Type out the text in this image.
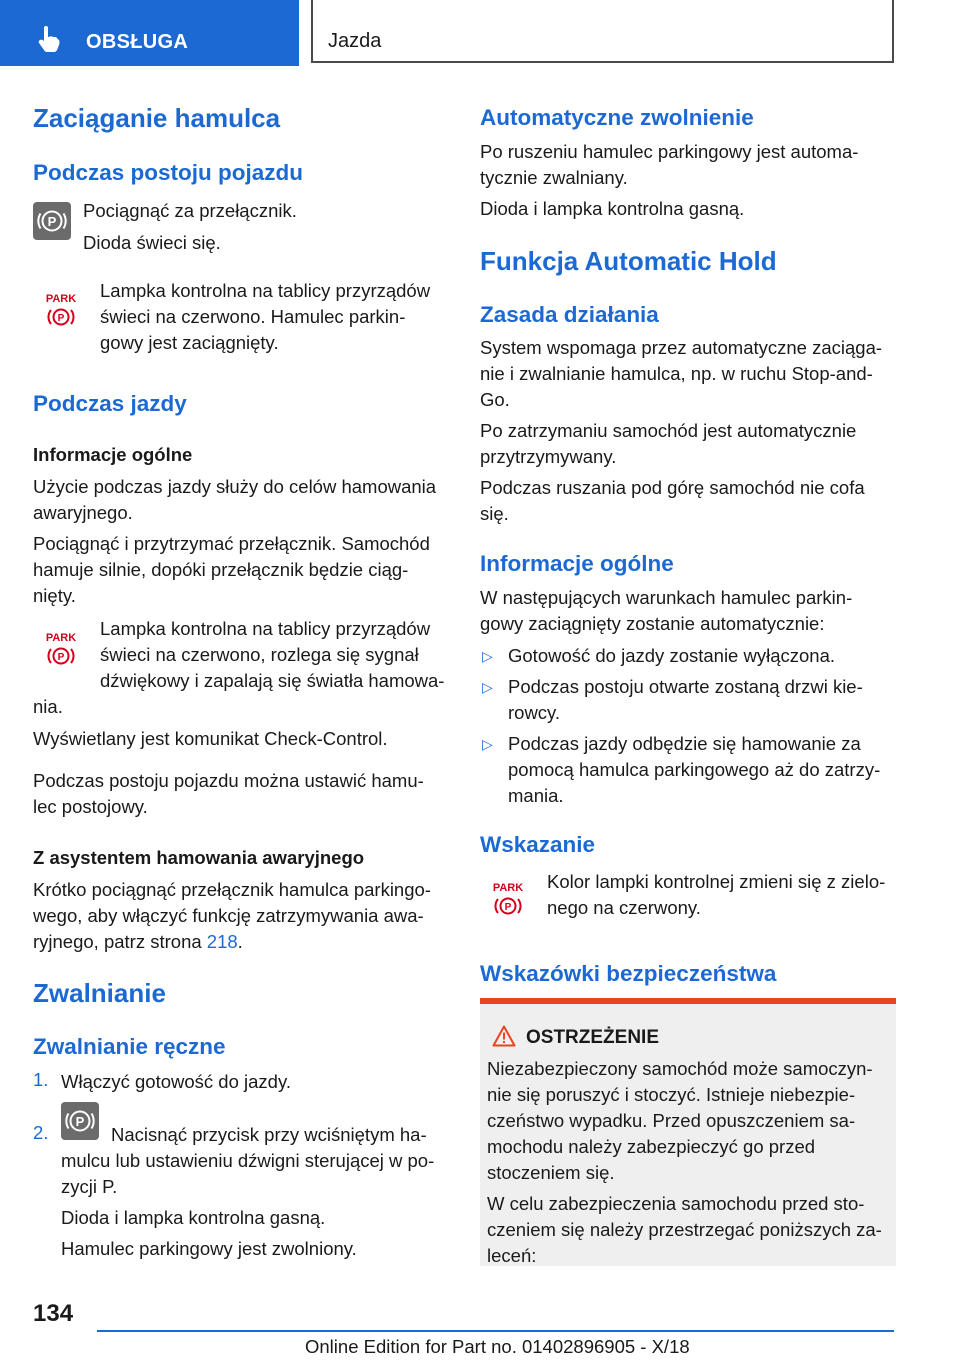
OBSŁUGA	Jazda
Zaciąganie hamulca
Podczas postoju pojazdu
P

Pociągnąć za przełącznik.

Dioda świeci się.

PARK
P

Lampka kontrolna na tablicy przyrządów

świeci na czerwono. Hamulec parkin-

gowy jest zaciągnięty.

Podczas jazdy
Informacje ogólne

Użycie podczas jazdy służy do celów hamowania

awaryjnego.

Pociągnąć i przytrzymać przełącznik. Samochód

hamuje silnie, dopóki przełącznik będzie ciąg-

nięty.

PARK
P

Lampka kontrolna na tablicy przyrządów

świeci na czerwono, rozlega się sygnał

dźwiękowy i zapalają się światła hamowa-

nia.

Wyświetlany jest komunikat Check-Control.

Podczas postoju pojazdu można ustawić hamu-

lec postojowy.

Z asystentem hamowania awaryjnego

Krótko pociągnąć przełącznik hamulca parkingo-

wego, aby włączyć funkcję zatrzymywania awa-

ryjnego, patrz strona 218.

Zwalnianie
Zwalnianie ręczne
1. Włączyć gotowość do jazdy.

2.
P

Nacisnąć przycisk przy wciśniętym ha-

mulcu lub ustawieniu dźwigni sterującej w po-

zycji P.

Dioda i lampka kontrolna gasną.

Hamulec parkingowy jest zwolniony.

Automatyczne zwolnienie

Po ruszeniu hamulec parkingowy jest automa-

tycznie zwalniany.

Dioda i lampka kontrolna gasną.

Funkcja Automatic Hold
Zasada działania

System wspomaga przez automatyczne zaciąga-

nie i zwalnianie hamulca, np. w ruchu Stop-and-

Go.

Po zatrzymaniu samochód jest automatycznie

przytrzymywany.

Podczas ruszania pod górę samochód nie cofa

się.

Informacje ogólne

W następujących warunkach hamulec parkin-

gowy zaciągnięty zostanie automatycznie:

▷ Gotowość do jazdy zostanie wyłączona.

▷ Podczas postoju otwarte zostaną drzwi kie-

rowcy.

▷ Podczas jazdy odbędzie się hamowanie za

pomocą hamulca parkingowego aż do zatrzy-

mania.

Wskazanie
PARK
P

Kolor lampki kontrolnej zmieni się z zielo-

nego na czerwony.

Wskazówki bezpieczeństwa
OSTRZEŻENIE

Niezabezpieczony samochód może samoczyn-

nie się poruszyć i stoczyć. Istnieje niebezpie-

czeństwo wypadku. Przed opuszczeniem sa-

mochodu należy zabezpieczyć go przed

stoczeniem się.

W celu zabezpieczenia samochodu przed sto-

czeniem się należy przestrzegać poniższych za-

leceń:

134
Online Edition for Part no. 01402896905 - X/18
